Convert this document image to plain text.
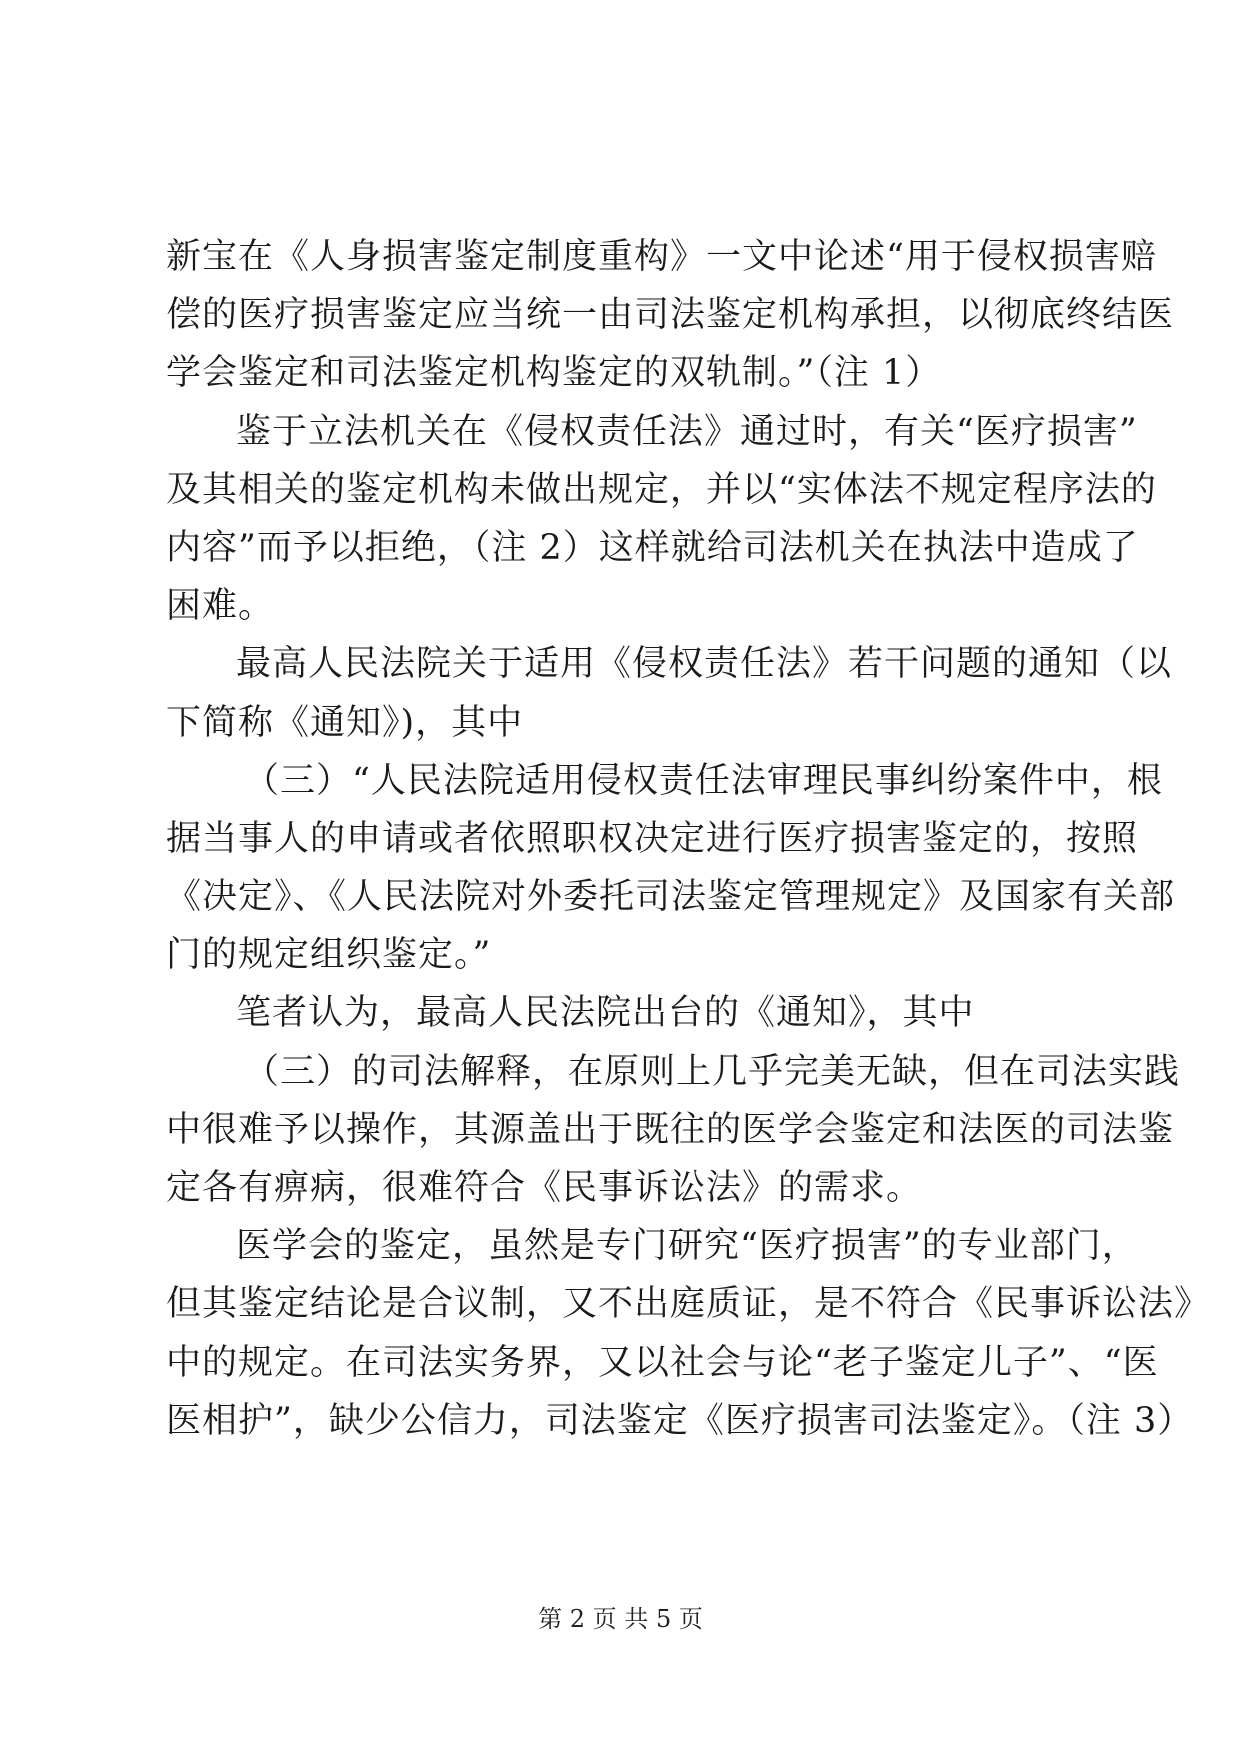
新宝在《人身损害鉴定制度重构》一文中论述“用于侵权损害赔
偿的医疗损害鉴定应当统一由司法鉴定机构承担，以彻底终结医
学会鉴定和司法鉴定机构鉴定的双轨制。”（注 1）
鉴于立法机关在《侵权责任法》通过时，有关“医疗损害”
及其相关的鉴定机构未做出规定，并以“实体法不规定程序法的
内容”而予以拒绝，（注 2）这样就给司法机关在执法中造成了
困难。
最高人民法院关于适用《侵权责任法》若干问题的通知（以
下简称《通知》)，其中
（三）“人民法院适用侵权责任法审理民事纠纷案件中，根
据当事人的申请或者依照职权决定进行医疗损害鉴定的，按照
《决定》、《人民法院对外委托司法鉴定管理规定》及国家有关部
门的规定组织鉴定。”
笔者认为，最高人民法院出台的《通知》，其中
（三）的司法解释，在原则上几乎完美无缺，但在司法实践
中很难予以操作，其源盖出于既往的医学会鉴定和法医的司法鉴
定各有痹病，很难符合《民事诉讼法》的需求。
医学会的鉴定，虽然是专门研究“医疗损害”的专业部门，
但其鉴定结论是合议制，又不出庭质证，是不符合《民事诉讼法》
中的规定。在司法实务界，又以社会与论“老子鉴定儿子”、“医
医相护”，缺少公信力，司法鉴定《医疗损害司法鉴定》。（注 3）
第 2 页 共 5 页
